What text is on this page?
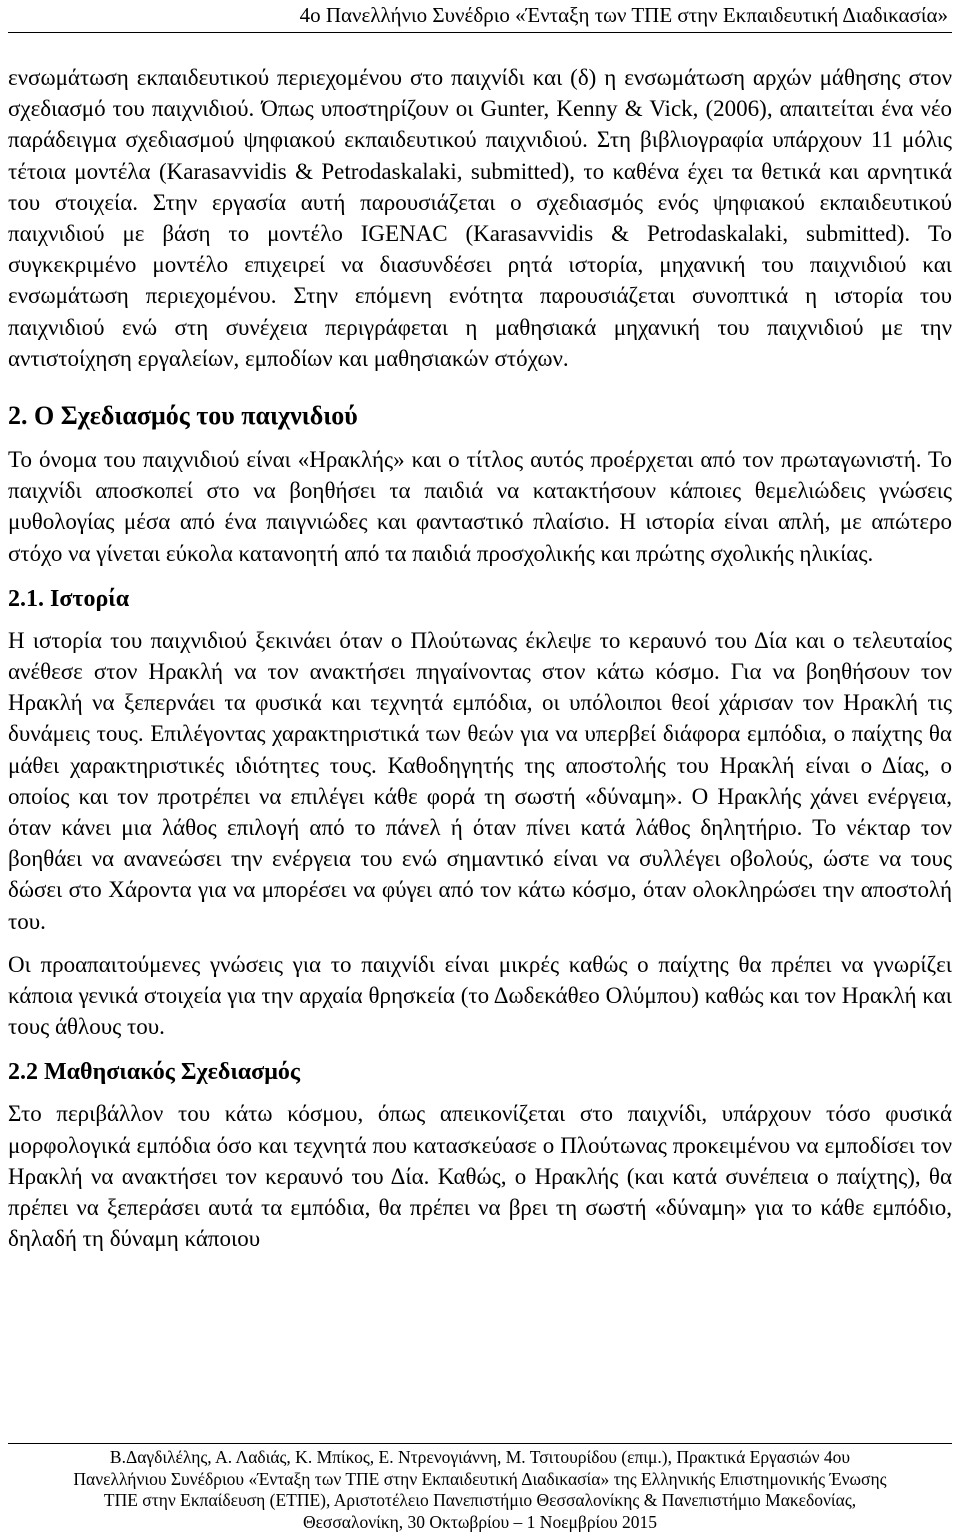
4ο Πανελλήνιο Συνέδριο «Ένταξη των ΤΠΕ στην Εκπαιδευτική Διαδικασία»

ενσωμάτωση εκπαιδευτικού περιεχομένου στο παιχνίδι και (δ) η ενσωμάτωση αρχών μάθησης στον σχεδιασμό του παιχνιδιού. Όπως υποστηρίζουν οι Gunter, Kenny & Vick, (2006), απαιτείται ένα νέο παράδειγμα σχεδιασμού ψηφιακού εκπαιδευτικού παιχνιδιού. Στη βιβλιογραφία υπάρχουν 11 μόλις τέτοια μοντέλα (Karasavvidis & Petrodaskalaki, submitted), το καθένα έχει τα θετικά και αρνητικά του στοιχεία. Στην εργασία αυτή παρουσιάζεται ο σχεδιασμός ενός ψηφιακού εκπαιδευτικού παιχνιδιού με βάση το μοντέλο IGENAC (Karasavvidis & Petrodaskalaki, submitted). Το συγκεκριμένο μοντέλο επιχειρεί να διασυνδέσει ρητά ιστορία, μηχανική του παιχνιδιού και ενσωμάτωση περιεχομένου. Στην επόμενη ενότητα παρουσιάζεται συνοπτικά η ιστορία του παιχνιδιού ενώ στη συνέχεια περιγράφεται η μαθησιακά μηχανική του παιχνιδιού με την αντιστοίχηση εργαλείων, εμποδίων και μαθησιακών στόχων.

2. Ο Σχεδιασμός του παιχνιδιού

Το όνομα του παιχνιδιού είναι «Ηρακλής» και ο τίτλος αυτός προέρχεται από τον πρωταγωνιστή. Το παιχνίδι αποσκοπεί στο να βοηθήσει τα παιδιά να κατακτήσουν κάποιες θεμελιώδεις γνώσεις μυθολογίας μέσα από ένα παιγνιώδες και φανταστικό πλαίσιο. Η ιστορία είναι απλή, με απώτερο στόχο να γίνεται εύκολα κατανοητή από τα παιδιά προσχολικής και πρώτης σχολικής ηλικίας.

2.1. Ιστορία

Η ιστορία του παιχνιδιού ξεκινάει όταν ο Πλούτωνας έκλεψε το κεραυνό του Δία και ο τελευταίος ανέθεσε στον Ηρακλή να τον ανακτήσει πηγαίνοντας στον κάτω κόσμο. Για να βοηθήσουν τον Ηρακλή να ξεπερνάει τα φυσικά και τεχνητά εμπόδια, οι υπόλοιποι θεοί χάρισαν τον Ηρακλή τις δυνάμεις τους. Επιλέγοντας χαρακτηριστικά των θεών για να υπερβεί διάφορα εμπόδια, ο παίχτης θα μάθει χαρακτηριστικές ιδιότητες τους. Καθοδηγητής της αποστολής του Ηρακλή είναι ο Δίας, ο οποίος και τον προτρέπει να επιλέγει κάθε φορά τη σωστή «δύναμη». Ο Ηρακλής χάνει ενέργεια, όταν κάνει μια λάθος επιλογή από το πάνελ ή όταν πίνει κατά λάθος δηλητήριο. Το νέκταρ τον βοηθάει να ανανεώσει την ενέργεια του ενώ σημαντικό είναι να συλλέγει οβολούς, ώστε να τους δώσει στο Χάροντα για να μπορέσει να φύγει από τον κάτω κόσμο, όταν ολοκληρώσει την αποστολή του.

Οι προαπαιτούμενες γνώσεις για το παιχνίδι είναι μικρές καθώς ο παίχτης θα πρέπει να γνωρίζει κάποια γενικά στοιχεία για την αρχαία θρησκεία (το Δωδεκάθεο Ολύμπου) καθώς και τον Ηρακλή και τους άθλους του.

2.2 Μαθησιακός Σχεδιασμός

Στο περιβάλλον του κάτω κόσμου, όπως απεικονίζεται στο παιχνίδι, υπάρχουν τόσο φυσικά μορφολογικά εμπόδια όσο και τεχνητά που κατασκεύασε ο Πλούτωνας προκειμένου να εμποδίσει τον Ηρακλή να ανακτήσει τον κεραυνό του Δία. Καθώς, ο Ηρακλής (και κατά συνέπεια ο παίχτης), θα πρέπει να ξεπεράσει αυτά τα εμπόδια, θα πρέπει να βρει τη σωστή «δύναμη» για το κάθε εμπόδιο, δηλαδή τη δύναμη κάποιου

Β.Δαγδιλέλης, Α. Λαδιάς, Κ. Μπίκος, Ε. Ντρενογιάννη, Μ. Τσιτουρίδου (επιμ.), Πρακτικά Εργασιών 4ου
Πανελλήνιου Συνέδριου «Ένταξη των ΤΠΕ στην Εκπαιδευτική Διαδικασία» της Ελληνικής Επιστημονικής Ένωσης
ΤΠΕ στην Εκπαίδευση (ΕΤΠΕ), Αριστοτέλειο Πανεπιστήμιο Θεσσαλονίκης & Πανεπιστήμιο Μακεδονίας,
Θεσσαλονίκη, 30 Οκτωβρίου – 1 Νοεμβρίου 2015
